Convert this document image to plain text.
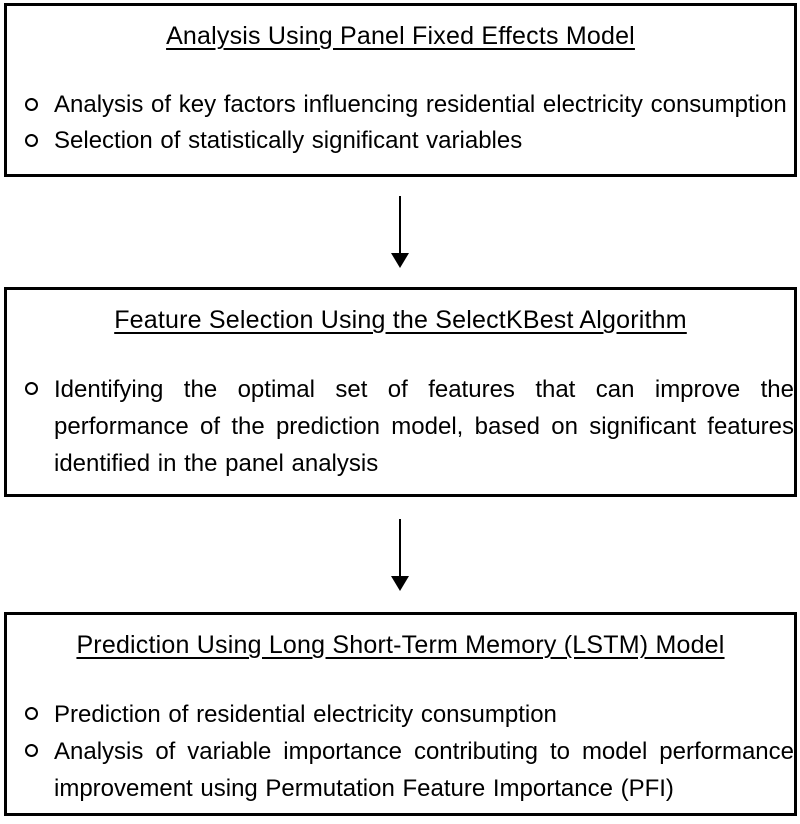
Analysis Using Panel Fixed Effects Model
Analysis of key factors influencing residential electricity consumption
Selection of statistically significant variables
Feature Selection Using the SelectKBest Algorithm
Identifying the optimal set of features that can improve the performance of the prediction model, based on significant features identified in the panel analysis
Prediction Using Long Short-Term Memory (LSTM) Model
Prediction of residential electricity consumption
Analysis of variable importance contributing to model performance improvement using Permutation Feature Importance (PFI)
